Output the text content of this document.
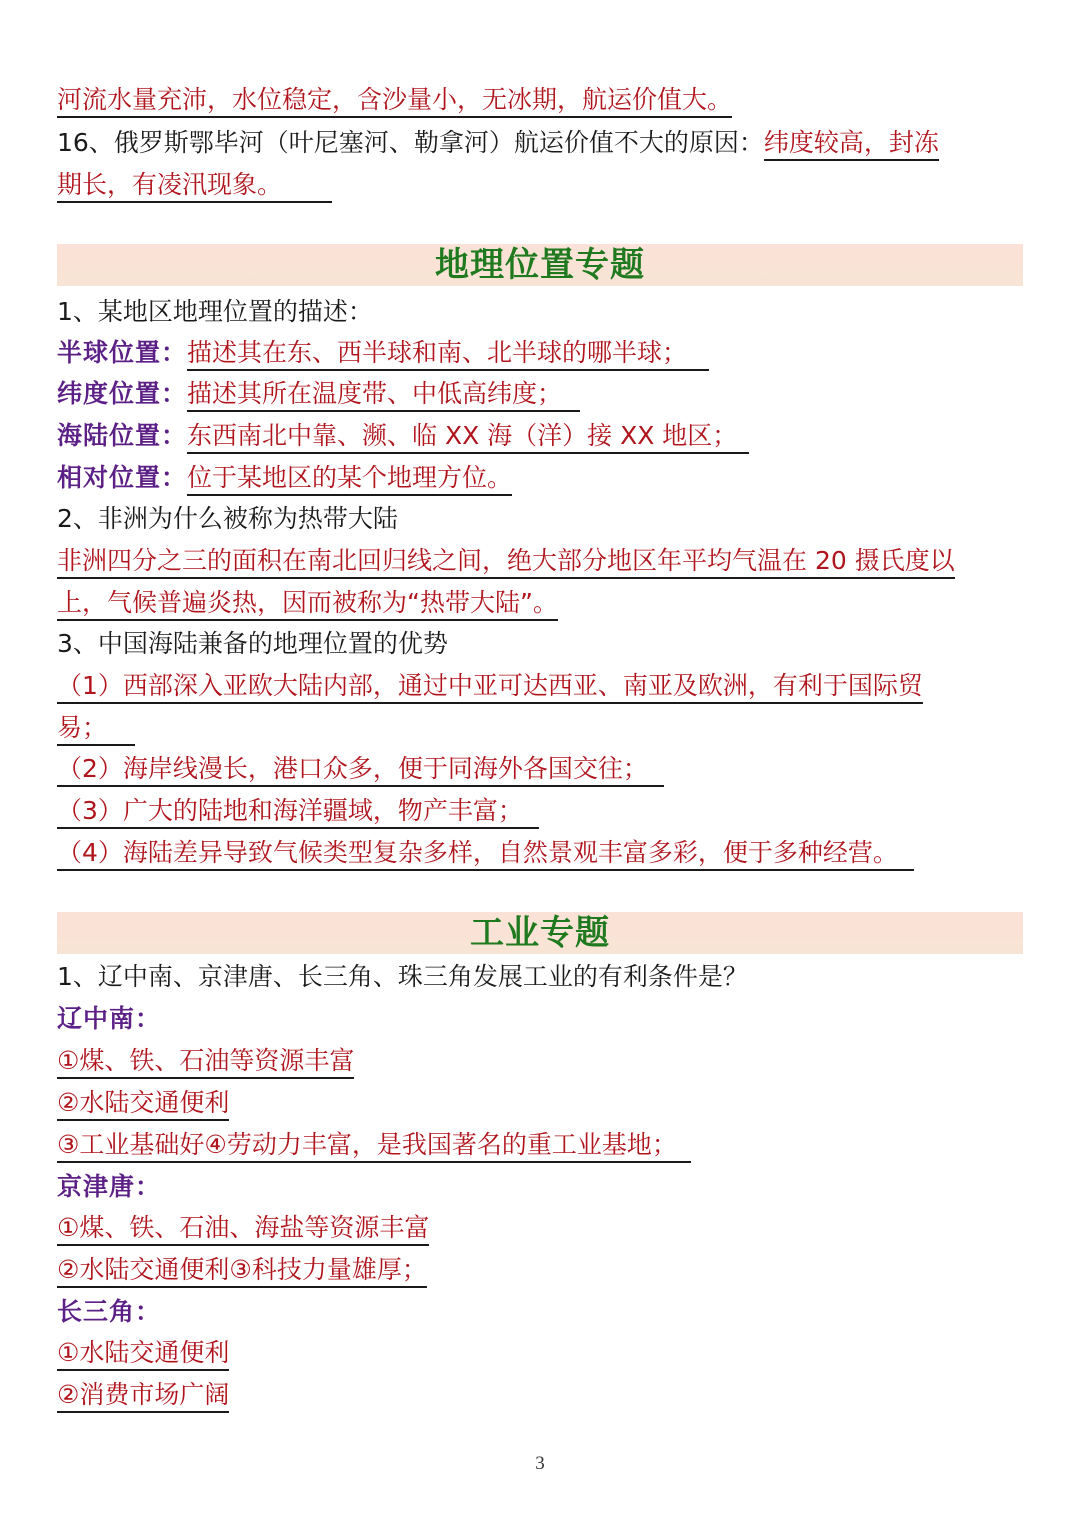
河流水量充沛，水位稳定，含沙量小，无冰期，航运价值大。
16、俄罗斯鄂毕河（叶尼塞河、勒拿河）航运价值不大的原因：纬度较高，封冻
期长，有凌汛现象。
地理位置专题
1、某地区地理位置的描述：
半球位置：描述其在东、西半球和南、北半球的哪半球；
纬度位置：描述其所在温度带、中低高纬度；
海陆位置：东西南北中靠、濒、临 XX 海（洋）接 XX 地区；
相对位置：位于某地区的某个地理方位。
2、非洲为什么被称为热带大陆
非洲四分之三的面积在南北回归线之间，绝大部分地区年平均气温在 20 摄氏度以
上，气候普遍炎热，因而被称为“热带大陆”。
3、中国海陆兼备的地理位置的优势
（1）西部深入亚欧大陆内部，通过中亚可达西亚、南亚及欧洲，有利于国际贸
易；
（2）海岸线漫长，港口众多，便于同海外各国交往；
（3）广大的陆地和海洋疆域，物产丰富；
（4）海陆差异导致气候类型复杂多样，自然景观丰富多彩，便于多种经营。
工业专题
1、辽中南、京津唐、长三角、珠三角发展工业的有利条件是？
辽中南：
①煤、铁、石油等资源丰富
②水陆交通便利
③工业基础好④劳动力丰富，是我国著名的重工业基地；
京津唐：
①煤、铁、石油、海盐等资源丰富
②水陆交通便利③科技力量雄厚；
长三角：
①水陆交通便利
②消费市场广阔
3
